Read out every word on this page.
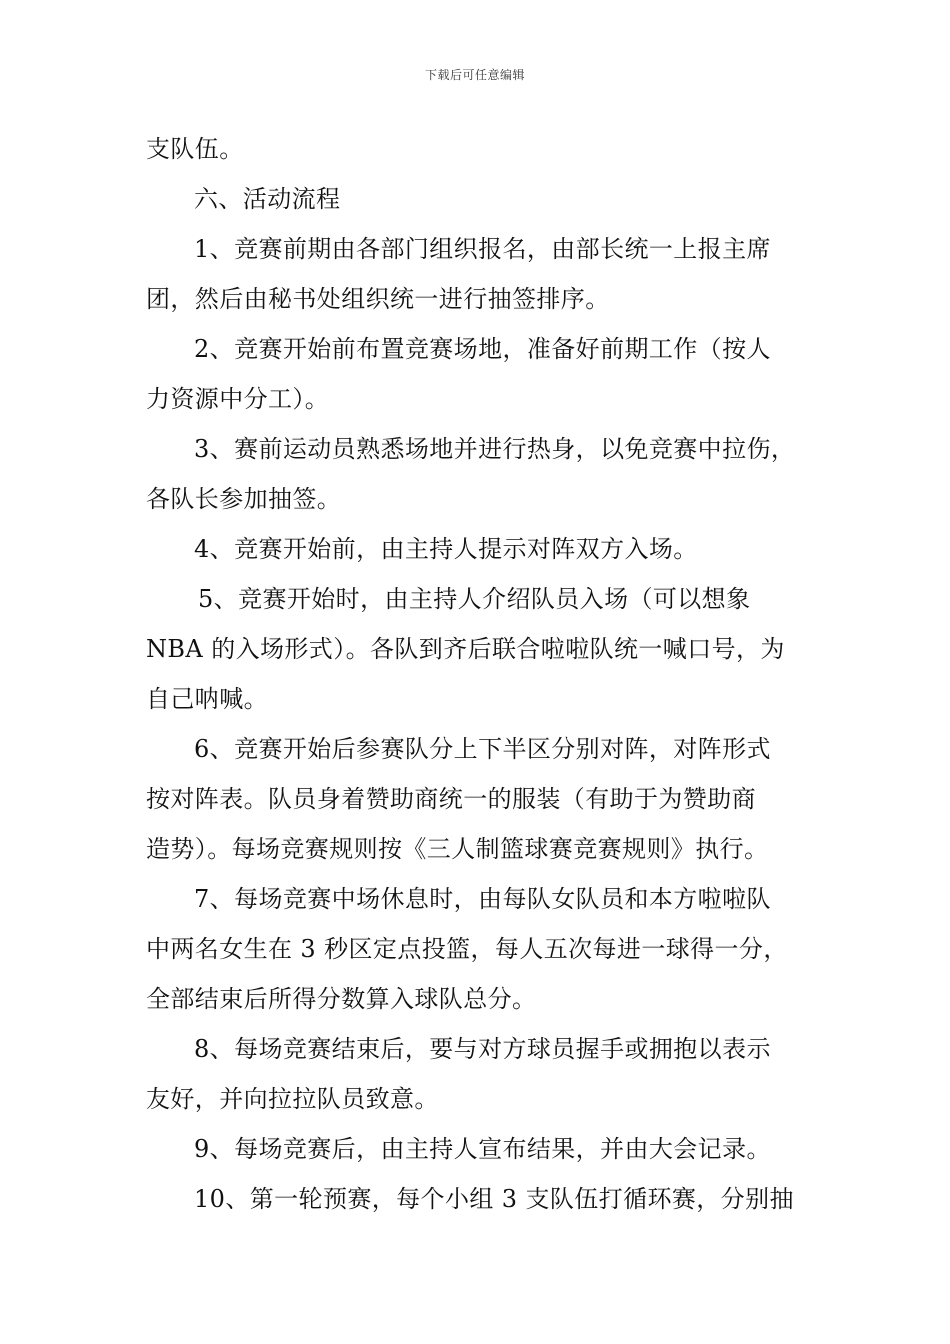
下载后可任意编辑
支队伍。
六、活动流程
1、竞赛前期由各部门组织报名，由部长统一上报主席
团，然后由秘书处组织统一进行抽签排序。
2、竞赛开始前布置竞赛场地，准备好前期工作（按人
力资源中分工）。
3、赛前运动员熟悉场地并进行热身，以免竞赛中拉伤，
各队长参加抽签。
4、竞赛开始前，由主持人提示对阵双方入场。
5、竞赛开始时，由主持人介绍队员入场（可以想象
NBA 的入场形式）。各队到齐后联合啦啦队统一喊口号，为
自己呐喊。
6、竞赛开始后参赛队分上下半区分别对阵，对阵形式
按对阵表。队员身着赞助商统一的服装（有助于为赞助商
造势）。每场竞赛规则按《三人制篮球赛竞赛规则》执行。
7、每场竞赛中场休息时，由每队女队员和本方啦啦队
中两名女生在 3 秒区定点投篮，每人五次每进一球得一分，
全部结束后所得分数算入球队总分。
8、每场竞赛结束后，要与对方球员握手或拥抱以表示
友好，并向拉拉队员致意。
9、每场竞赛后，由主持人宣布结果，并由大会记录。
10、第一轮预赛，每个小组 3 支队伍打循环赛，分别抽
